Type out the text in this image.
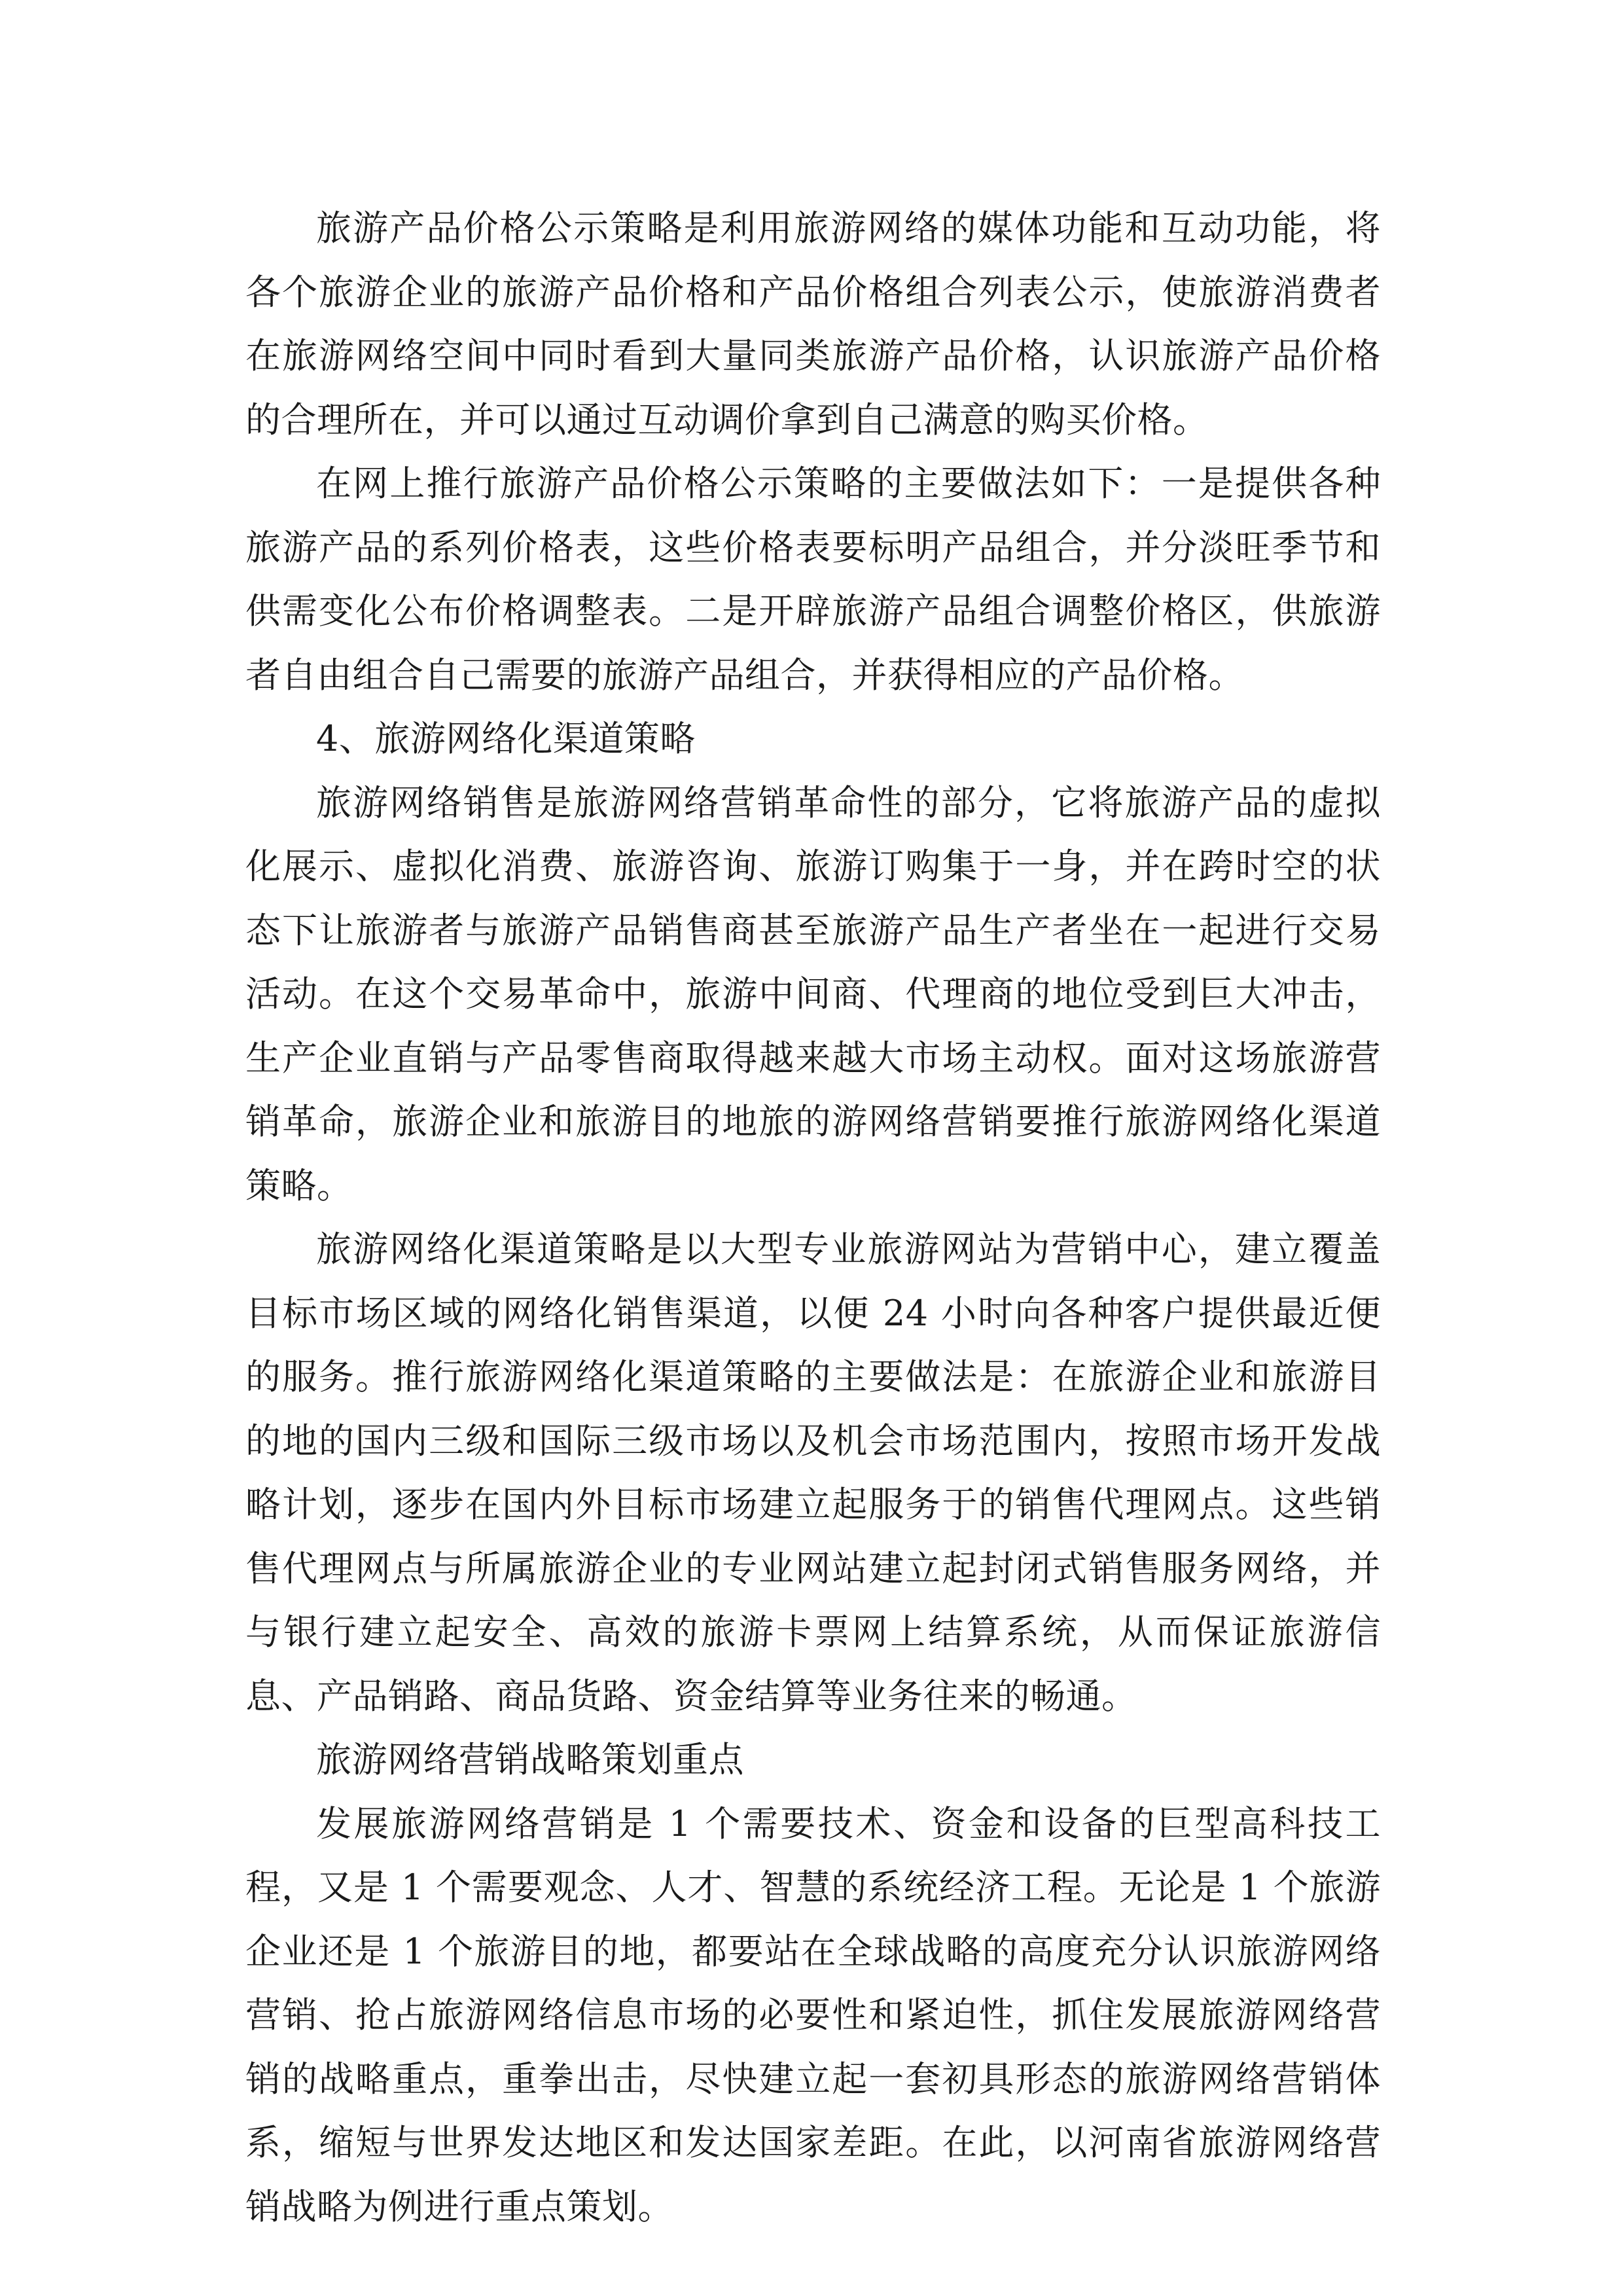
旅游产品价格公示策略是利用旅游网络的媒体功能和互动功能，将各个旅游企业的旅游产品价格和产品价格组合列表公示，使旅游消费者在旅游网络空间中同时看到大量同类旅游产品价格，认识旅游产品价格的合理所在，并可以通过互动调价拿到自己满意的购买价格。

在网上推行旅游产品价格公示策略的主要做法如下：一是提供各种旅游产品的系列价格表，这些价格表要标明产品组合，并分淡旺季节和供需变化公布价格调整表。二是开辟旅游产品组合调整价格区，供旅游者自由组合自己需要的旅游产品组合，并获得相应的产品价格。

4、旅游网络化渠道策略

旅游网络销售是旅游网络营销革命性的部分，它将旅游产品的虚拟化展示、虚拟化消费、旅游咨询、旅游订购集于一身，并在跨时空的状态下让旅游者与旅游产品销售商甚至旅游产品生产者坐在一起进行交易活动。在这个交易革命中，旅游中间商、代理商的地位受到巨大冲击，生产企业直销与产品零售商取得越来越大市场主动权。面对这场旅游营销革命，旅游企业和旅游目的地旅的游网络营销要推行旅游网络化渠道策略。

旅游网络化渠道策略是以大型专业旅游网站为营销中心，建立覆盖目标市场区域的网络化销售渠道，以便 24 小时向各种客户提供最近便的服务。推行旅游网络化渠道策略的主要做法是：在旅游企业和旅游目的地的国内三级和国际三级市场以及机会市场范围内，按照市场开发战略计划，逐步在国内外目标市场建立起服务于的销售代理网点。这些销售代理网点与所属旅游企业的专业网站建立起封闭式销售服务网络，并与银行建立起安全、高效的旅游卡票网上结算系统，从而保证旅游信息、产品销路、商品货路、资金结算等业务往来的畅通。

旅游网络营销战略策划重点

发展旅游网络营销是 1 个需要技术、资金和设备的巨型高科技工程，又是 1 个需要观念、人才、智慧的系统经济工程。无论是 1 个旅游企业还是 1 个旅游目的地，都要站在全球战略的高度充分认识旅游网络营销、抢占旅游网络信息市场的必要性和紧迫性，抓住发展旅游网络营销的战略重点，重拳出击，尽快建立起一套初具形态的旅游网络营销体系，缩短与世界发达地区和发达国家差距。在此，以河南省旅游网络营销战略为例进行重点策划。
